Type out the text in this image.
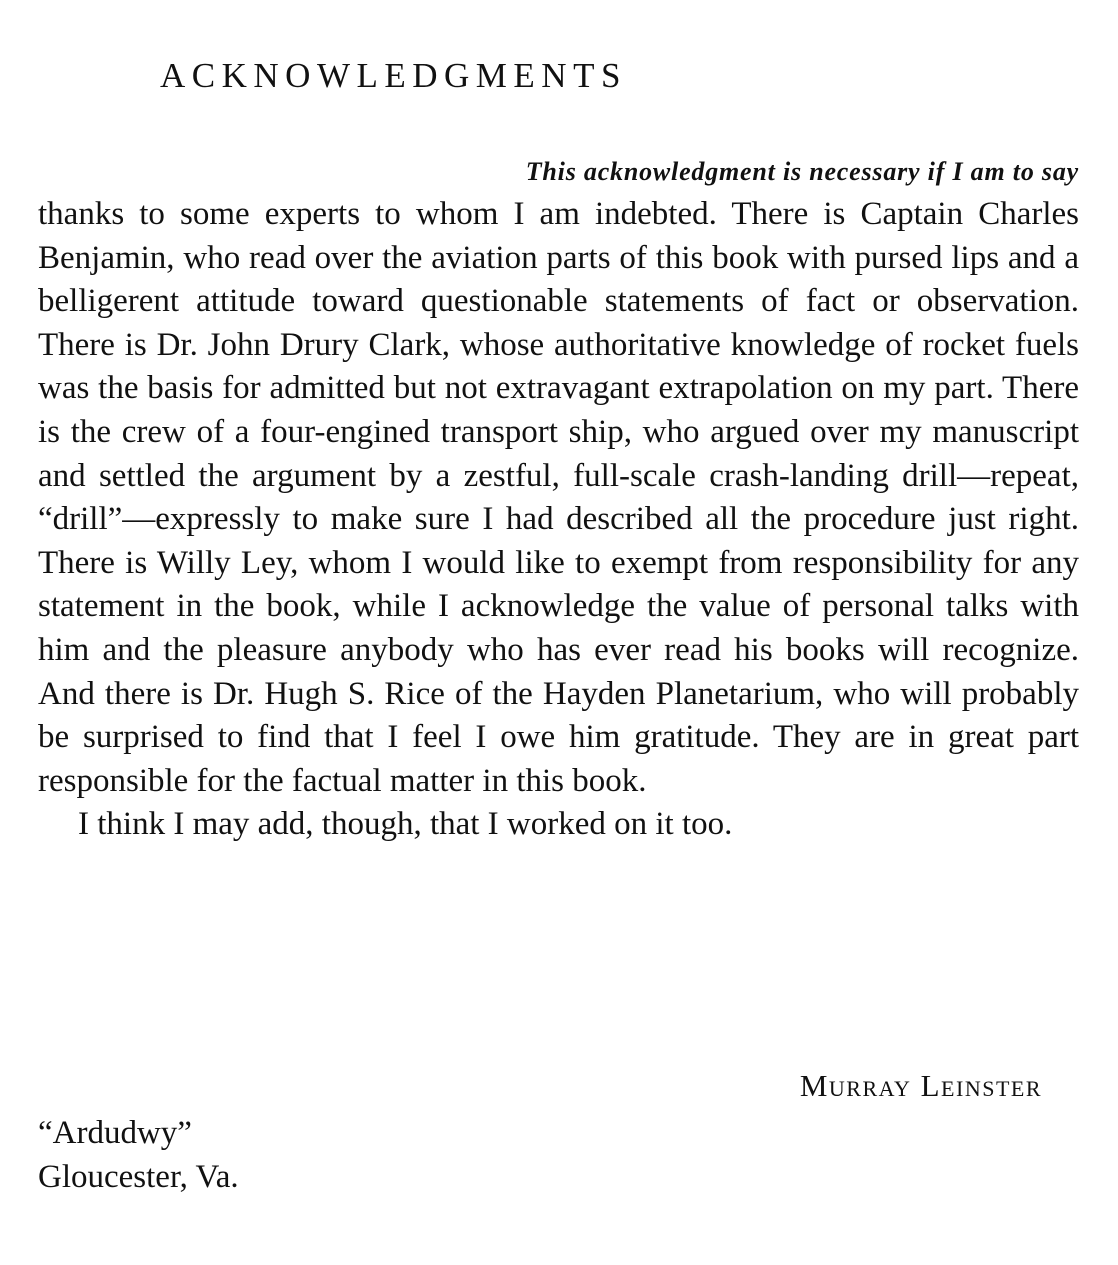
ACKNOWLEDGMENTS
This acknowledgment is necessary if I am to say

thanks to some experts to whom I am indebted. There is Captain Charles Benjamin, who read over the aviation parts of this book with pursed lips and a belligerent attitude toward questionable statements of fact or observation. There is Dr. John Drury Clark, whose authoritative knowledge of rocket fuels was the basis for admitted but not extravagant extrapolation on my part. There is the crew of a four-engined transport ship, who argued over my manuscript and settled the argument by a zestful, full-scale crash-landing drill—repeat, “drill”—expressly to make sure I had described all the procedure just right. There is Willy Ley, whom I would like to exempt from responsibility for any statement in the book, while I acknowledge the value of personal talks with him and the pleasure anybody who has ever read his books will recognize. And there is Dr. Hugh S. Rice of the Hayden Planetarium, who will probably be surprised to find that I feel I owe him gratitude. They are in great part responsible for the factual matter in this book.

I think I may add, though, that I worked on it too.

Murray Leinster

“Ardudwy”
Gloucester, Va.
